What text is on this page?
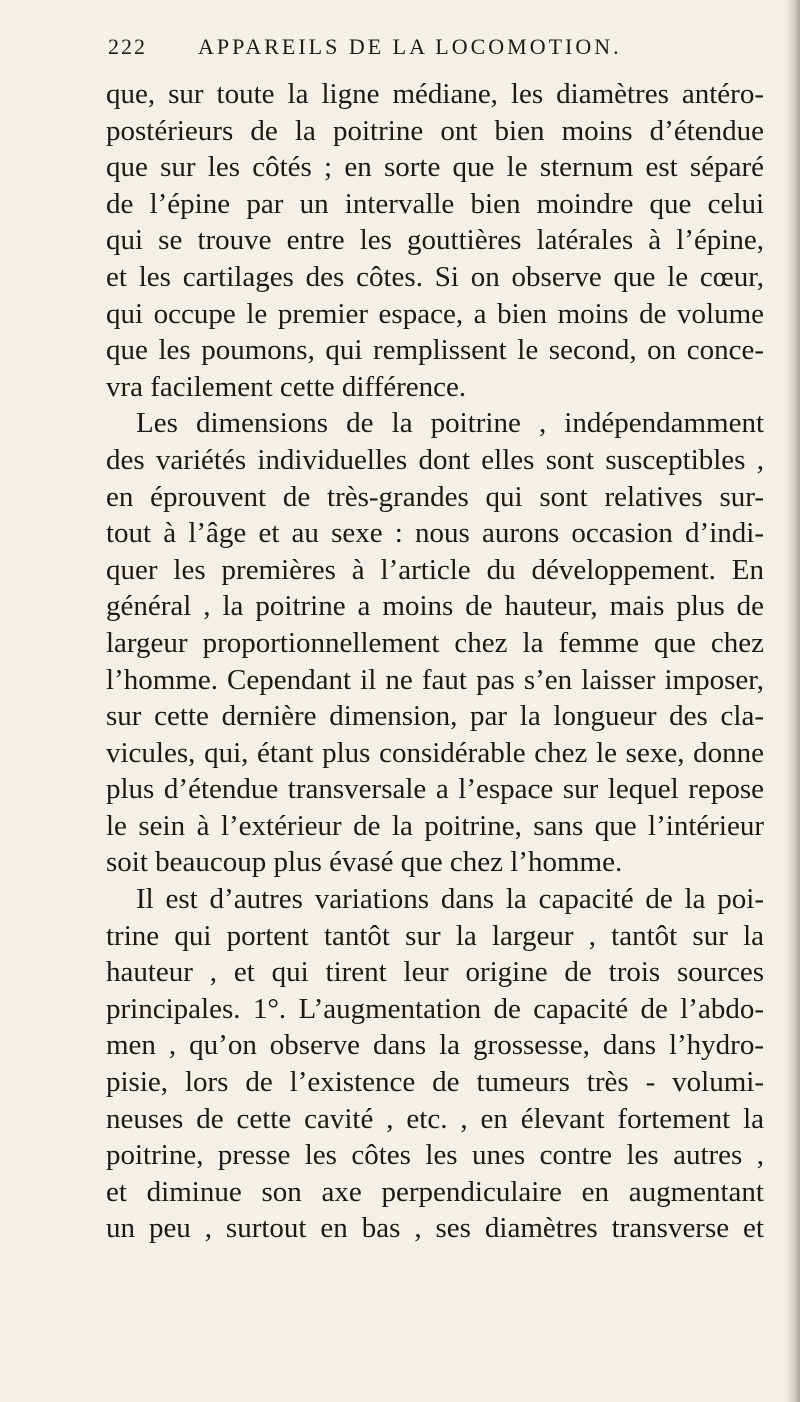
222 APPAREILS DE LA LOCOMOTION.
que, sur toute la ligne médiane, les diamètres antéro-
postérieurs de la poitrine ont bien moins d’étendue
que sur les côtés ; en sorte que le sternum est séparé
de l’épine par un intervalle bien moindre que celui
qui se trouve entre les gouttières latérales à l’épine,
et les cartilages des côtes. Si on observe que le cœur,
qui occupe le premier espace, a bien moins de volume
que les poumons, qui remplissent le second, on conce-
vra facilement cette différence.
Les dimensions de la poitrine , indépendamment
des variétés individuelles dont elles sont susceptibles ,
en éprouvent de très-grandes qui sont relatives sur-
tout à l’âge et au sexe : nous aurons occasion d’indi-
quer les premières à l’article du développement. En
général , la poitrine a moins de hauteur, mais plus de
largeur proportionnellement chez la femme que chez
l’homme. Cependant il ne faut pas s’en laisser imposer,
sur cette dernière dimension, par la longueur des cla-
vicules, qui, étant plus considérable chez le sexe, donne
plus d’étendue transversale a l’espace sur lequel repose
le sein à l’extérieur de la poitrine, sans que l’intérieur
soit beaucoup plus évasé que chez l’homme.
Il est d’autres variations dans la capacité de la poi-
trine qui portent tantôt sur la largeur , tantôt sur la
hauteur , et qui tirent leur origine de trois sources
principales. 1°. L’augmentation de capacité de l’abdo-
men , qu’on observe dans la grossesse, dans l’hydro-
pisie, lors de l’existence de tumeurs très - volumi-
neuses de cette cavité , etc. , en élevant fortement la
poitrine, presse les côtes les unes contre les autres ,
et diminue son axe perpendiculaire en augmentant
un peu , surtout en bas , ses diamètres transverse et
